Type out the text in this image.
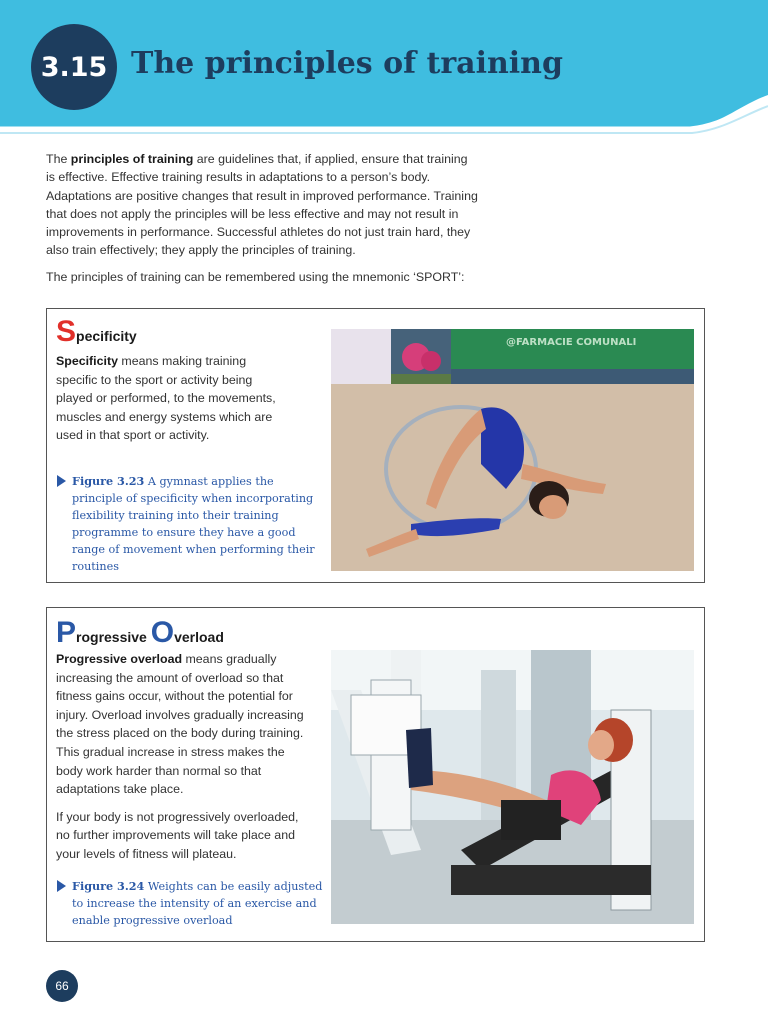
3.15 The principles of training

The principles of training are guidelines that, if applied, ensure that training is effective. Effective training results in adaptations to a person’s body. Adaptations are positive changes that result in improved performance. Training that does not apply the principles will be less effective and may not result in improvements in performance. Successful athletes do not just train hard, they also train effectively; they apply the principles of training.

The principles of training can be remembered using the mnemonic ‘SPORT’:

Specificity

Specificity means making training specific to the sport or activity being played or performed, to the movements, muscles and energy systems which are used in that sport or activity.

Figure 3.23 A gymnast applies the principle of specificity when incorporating flexibility training into their training programme to ensure they have a good range of movement when performing their routines
@FARMACIE COMUNALI
Progressive Overload

Progressive overload means gradually increasing the amount of overload so that fitness gains occur, without the potential for injury. Overload involves gradually increasing the stress placed on the body during training. This gradual increase in stress makes the body work harder than normal so that adaptations take place.

If your body is not progressively overloaded, no further improvements will take place and your levels of fitness will plateau.

Figure 3.24 Weights can be easily adjusted to increase the intensity of an exercise and enable progressive overload
66
